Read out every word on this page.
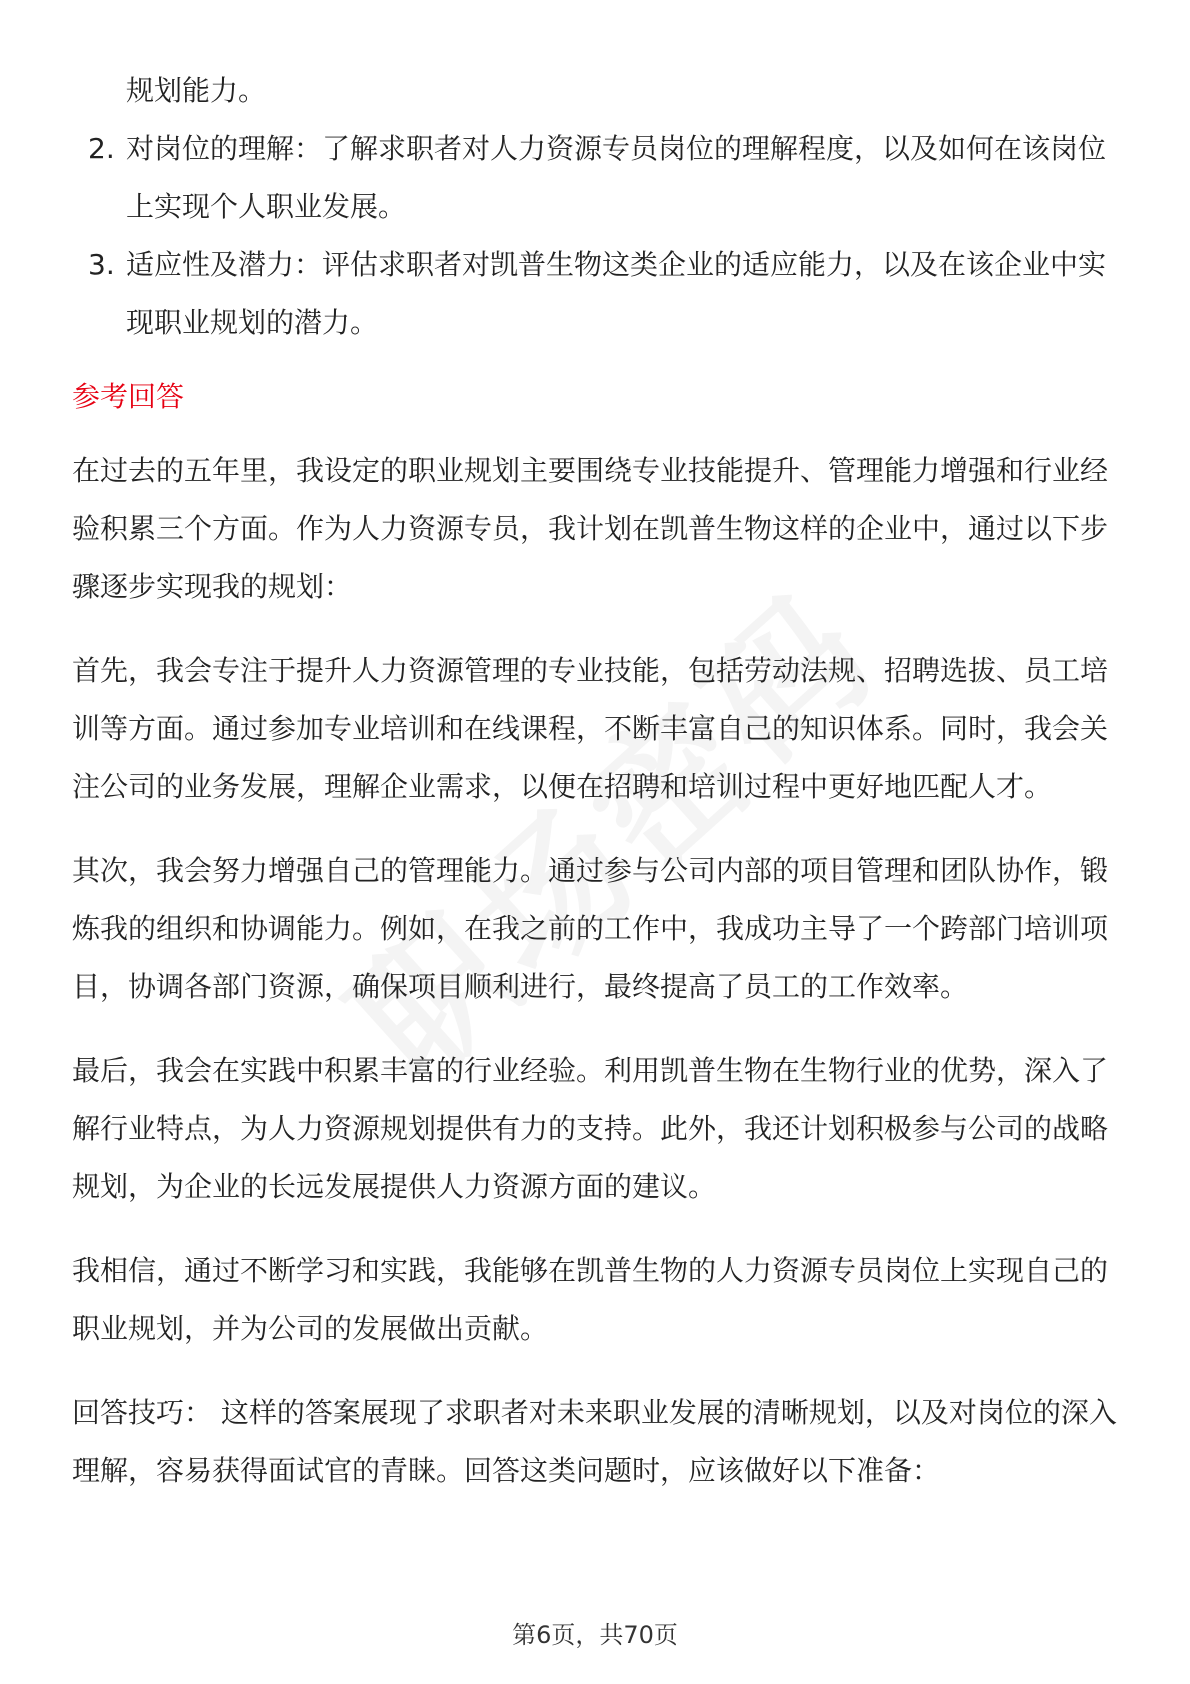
规划能力。

2. 对岗位的理解：了解求职者对人力资源专员岗位的理解程度，以及如何在该岗位上实现个人职业发展。
3. 适应性及潜力：评估求职者对凯普生物这类企业的适应能力，以及在该企业中实现职业规划的潜力。
参考回答

在过去的五年里，我设定的职业规划主要围绕专业技能提升、管理能力增强和行业经验积累三个方面。作为人力资源专员，我计划在凯普生物这样的企业中，通过以下步骤逐步实现我的规划：

首先，我会专注于提升人力资源管理的专业技能，包括劳动法规、招聘选拔、员工培训等方面。通过参加专业培训和在线课程，不断丰富自己的知识体系。同时，我会关注公司的业务发展，理解企业需求，以便在招聘和培训过程中更好地匹配人才。

其次，我会努力增强自己的管理能力。通过参与公司内部的项目管理和团队协作，锻炼我的组织和协调能力。例如，在我之前的工作中，我成功主导了一个跨部门培训项目，协调各部门资源，确保项目顺利进行，最终提高了员工的工作效率。

最后，我会在实践中积累丰富的行业经验。利用凯普生物在生物行业的优势，深入了解行业特点，为人力资源规划提供有力的支持。此外，我还计划积极参与公司的战略规划，为企业的长远发展提供人力资源方面的建议。

我相信，通过不断学习和实践，我能够在凯普生物的人力资源专员岗位上实现自己的职业规划，并为公司的发展做出贡献。

回答技巧： 这样的答案展现了求职者对未来职业发展的清晰规划，以及对岗位的深入理解，容易获得面试官的青睐。回答这类问题时，应该做好以下准备：

第6页，共70页
